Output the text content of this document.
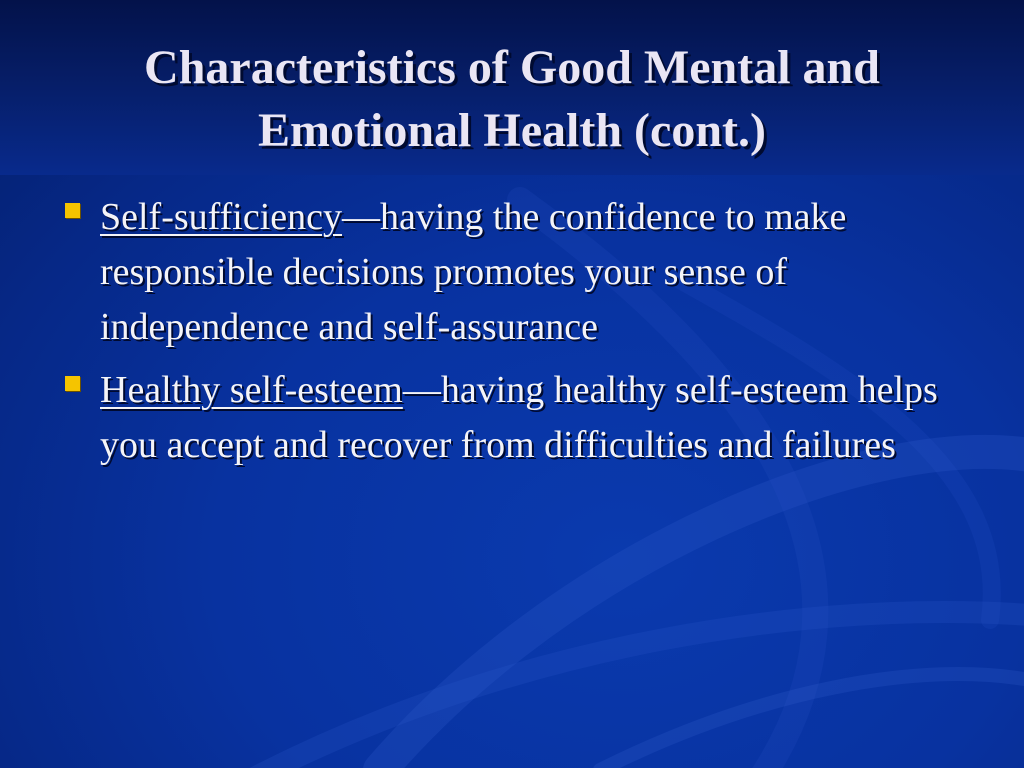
Characteristics of Good Mental and Emotional Health (cont.)
Self-sufficiency—having the confidence to make responsible decisions promotes your sense of independence and self-assurance
Healthy self-esteem—having healthy self-esteem helps you accept and recover from difficulties and failures
